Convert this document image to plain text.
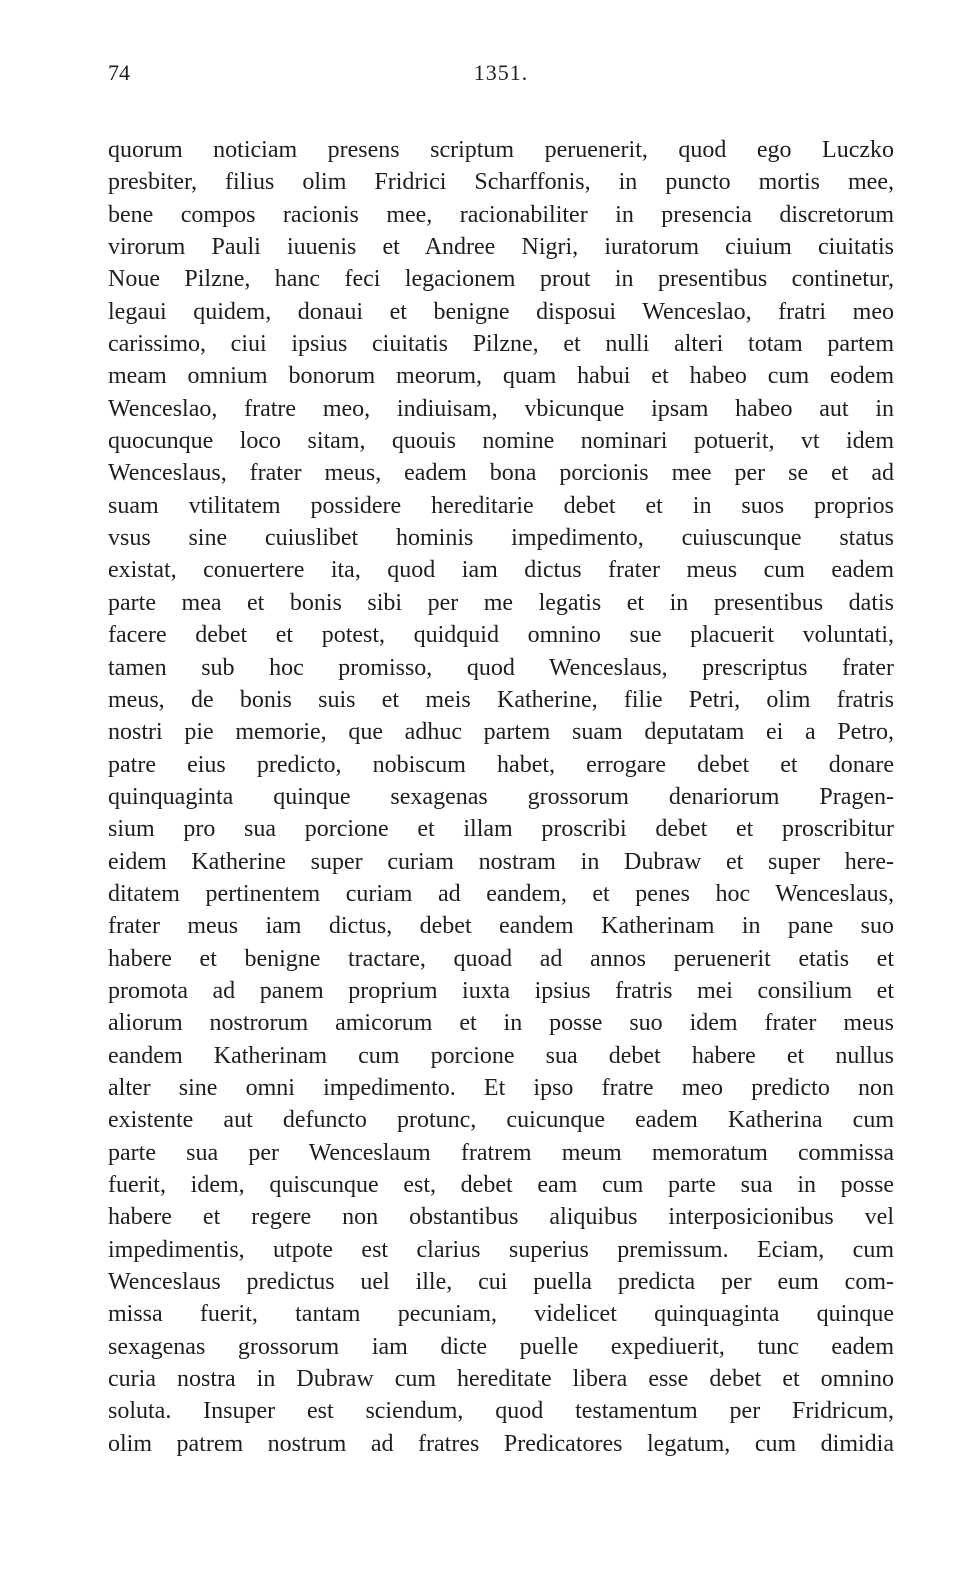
74	1351.
quorum noticiam presens scriptum peruenerit, quod ego Luczko
presbiter, filius olim Fridrici Scharffonis, in puncto mortis mee,
bene compos racionis mee, racionabiliter in presencia discretorum
virorum Pauli iuuenis et Andree Nigri, iuratorum ciuium ciuitatis
Noue Pilzne, hanc feci legacionem prout in presentibus continetur,
legaui quidem, donaui et benigne disposui Wenceslao, fratri meo
carissimo, ciui ipsius ciuitatis Pilzne, et nulli alteri totam partem
meam omnium bonorum meorum, quam habui et habeo cum eodem
Wenceslao, fratre meo, indiuisam, vbicunque ipsam habeo aut in
quocunque loco sitam, quouis nomine nominari potuerit, vt idem
Wenceslaus, frater meus, eadem bona porcionis mee per se et ad
suam vtilitatem possidere hereditarie debet et in suos proprios
vsus sine cuiuslibet hominis impedimento, cuiuscunque status
existat, conuertere ita, quod iam dictus frater meus cum eadem
parte mea et bonis sibi per me legatis et in presentibus datis
facere debet et potest, quidquid omnino sue placuerit voluntati,
tamen sub hoc promisso, quod Wenceslaus, prescriptus frater
meus, de bonis suis et meis Katherine, filie Petri, olim fratris
nostri pie memorie, que adhuc partem suam deputatam ei a Petro,
patre eius predicto, nobiscum habet, errogare debet et donare
quinquaginta quinque sexagenas grossorum denariorum Pragen-
sium pro sua porcione et illam proscribi debet et proscribitur
eidem Katherine super curiam nostram in Dubraw et super here-
ditatem pertinentem curiam ad eandem, et penes hoc Wenceslaus,
frater meus iam dictus, debet eandem Katherinam in pane suo
habere et benigne tractare, quoad ad annos peruenerit etatis et
promota ad panem proprium iuxta ipsius fratris mei consilium et
aliorum nostrorum amicorum et in posse suo idem frater meus
eandem Katherinam cum porcione sua debet habere et nullus
alter sine omni impedimento. Et ipso fratre meo predicto non
existente aut defuncto protunc, cuicunque eadem Katherina cum
parte sua per Wenceslaum fratrem meum memoratum commissa
fuerit, idem, quiscunque est, debet eam cum parte sua in posse
habere et regere non obstantibus aliquibus interposicionibus vel
impedimentis, utpote est clarius superius premissum. Eciam, cum
Wenceslaus predictus uel ille, cui puella predicta per eum com-
missa fuerit, tantam pecuniam, videlicet quinquaginta quinque
sexagenas grossorum iam dicte puelle expediuerit, tunc eadem
curia nostra in Dubraw cum hereditate libera esse debet et omnino
soluta. Insuper est sciendum, quod testamentum per Fridricum,
olim patrem nostrum ad fratres Predicatores legatum, cum dimidia
